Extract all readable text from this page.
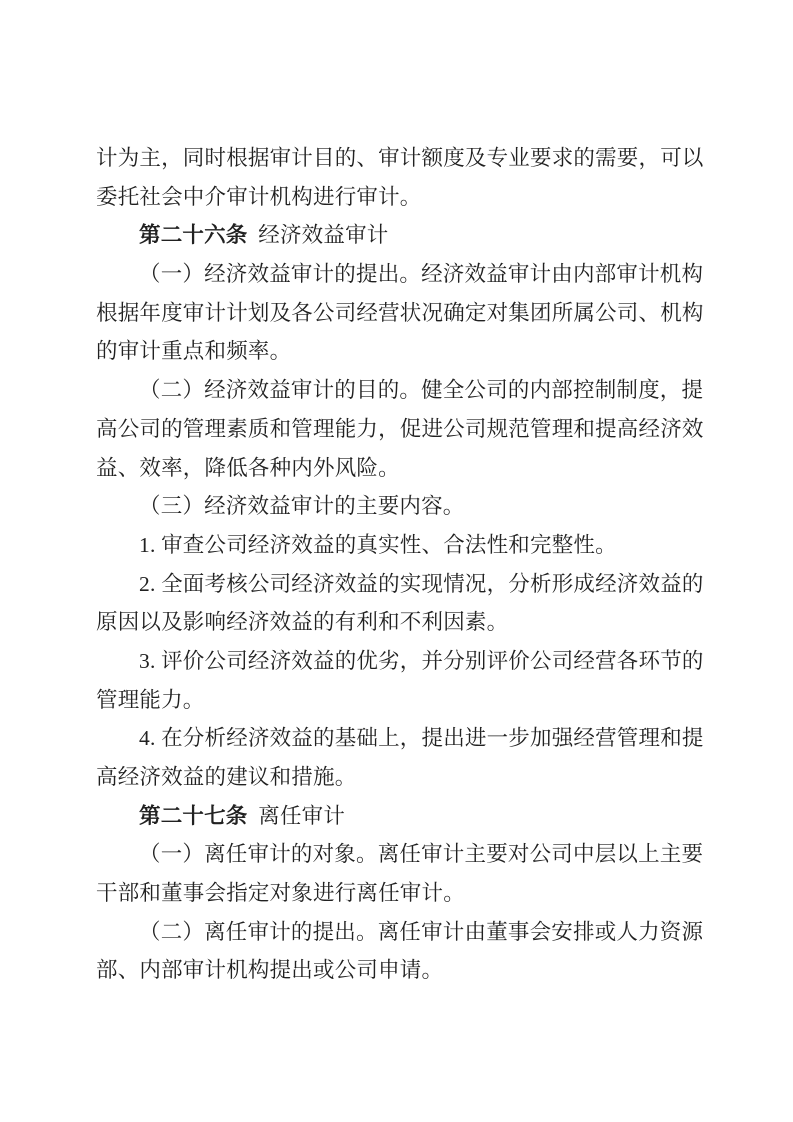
计为主，同时根据审计目的、审计额度及专业要求的需要，可以
委托社会中介审计机构进行审计。
第二十六条 经济效益审计
（一）经济效益审计的提出。经济效益审计由内部审计机构
根据年度审计计划及各公司经营状况确定对集团所属公司、机构
的审计重点和频率。
（二）经济效益审计的目的。健全公司的内部控制制度，提
高公司的管理素质和管理能力，促进公司规范管理和提高经济效
益、效率，降低各种内外风险。
（三）经济效益审计的主要内容。
1. 审查公司经济效益的真实性、合法性和完整性。
2. 全面考核公司经济效益的实现情况，分析形成经济效益的
原因以及影响经济效益的有利和不利因素。
3. 评价公司经济效益的优劣，并分别评价公司经营各环节的
管理能力。
4. 在分析经济效益的基础上，提出进一步加强经营管理和提
高经济效益的建议和措施。
第二十七条 离任审计
（一）离任审计的对象。离任审计主要对公司中层以上主要
干部和董事会指定对象进行离任审计。
（二）离任审计的提出。离任审计由董事会安排或人力资源
部、内部审计机构提出或公司申请。
